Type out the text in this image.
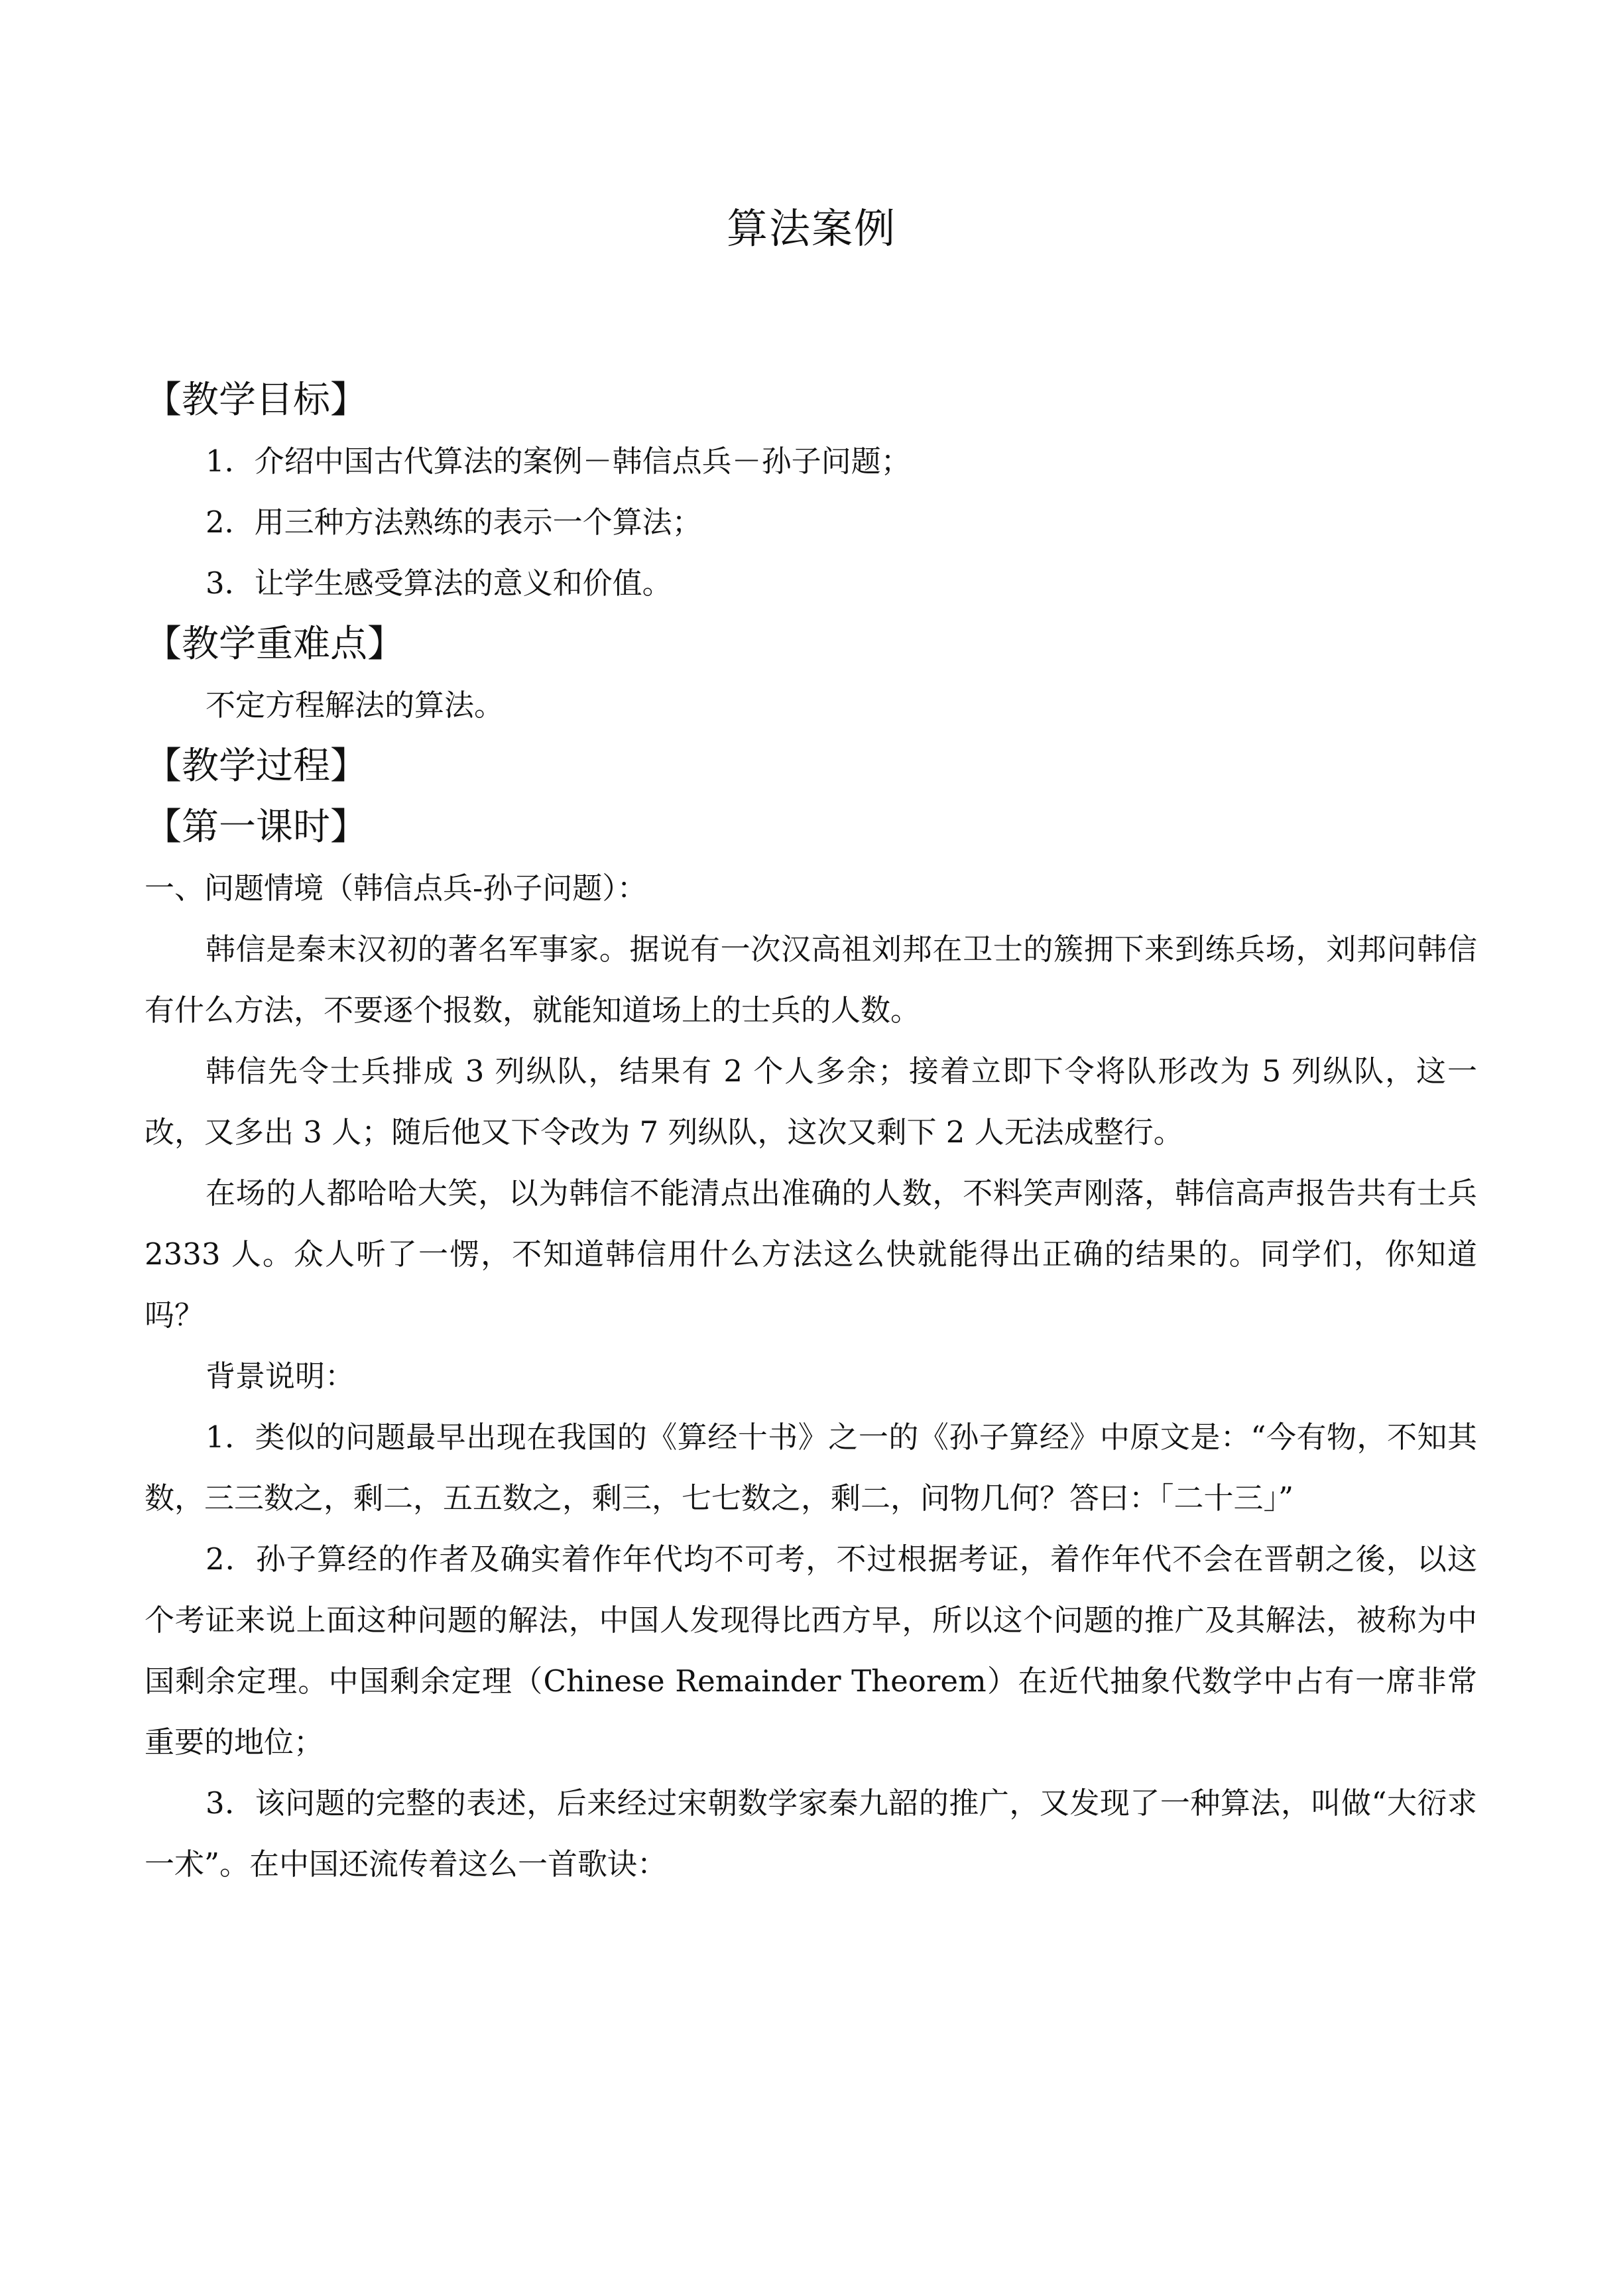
算法案例
【教学目标】
1．介绍中国古代算法的案例－韩信点兵－孙子问题；
2．用三种方法熟练的表示一个算法；
3．让学生感受算法的意义和价值。
【教学重难点】
不定方程解法的算法。
【教学过程】
【第一课时】
一、问题情境（韩信点兵-孙子问题）：
韩信是秦末汉初的著名军事家。据说有一次汉高祖刘邦在卫士的簇拥下来到练兵场，刘邦问韩信有什么方法，不要逐个报数，就能知道场上的士兵的人数。
韩信先令士兵排成 3 列纵队，结果有 2 个人多余；接着立即下令将队形改为 5 列纵队，这一改，又多出 3 人；随后他又下令改为 7 列纵队，这次又剩下 2 人无法成整行。
在场的人都哈哈大笑，以为韩信不能清点出准确的人数，不料笑声刚落，韩信高声报告共有士兵 2333 人。众人听了一愣，不知道韩信用什么方法这么快就能得出正确的结果的。同学们，你知道吗？
背景说明：
1．类似的问题最早出现在我国的《算经十书》之一的《孙子算经》中原文是：“今有物，不知其数，三三数之，剩二，五五数之，剩三，七七数之，剩二，问物几何？答曰：「二十三」”
2．孙子算经的作者及确实着作年代均不可考，不过根据考证，着作年代不会在晋朝之後，以这个考证来说上面这种问题的解法，中国人发现得比西方早，所以这个问题的推广及其解法，被称为中国剩余定理。中国剩余定理（Chinese Remainder Theorem）在近代抽象代数学中占有一席非常重要的地位；
3．该问题的完整的表述，后来经过宋朝数学家秦九韶的推广，又发现了一种算法，叫做“大衍求一术”。在中国还流传着这么一首歌诀：
